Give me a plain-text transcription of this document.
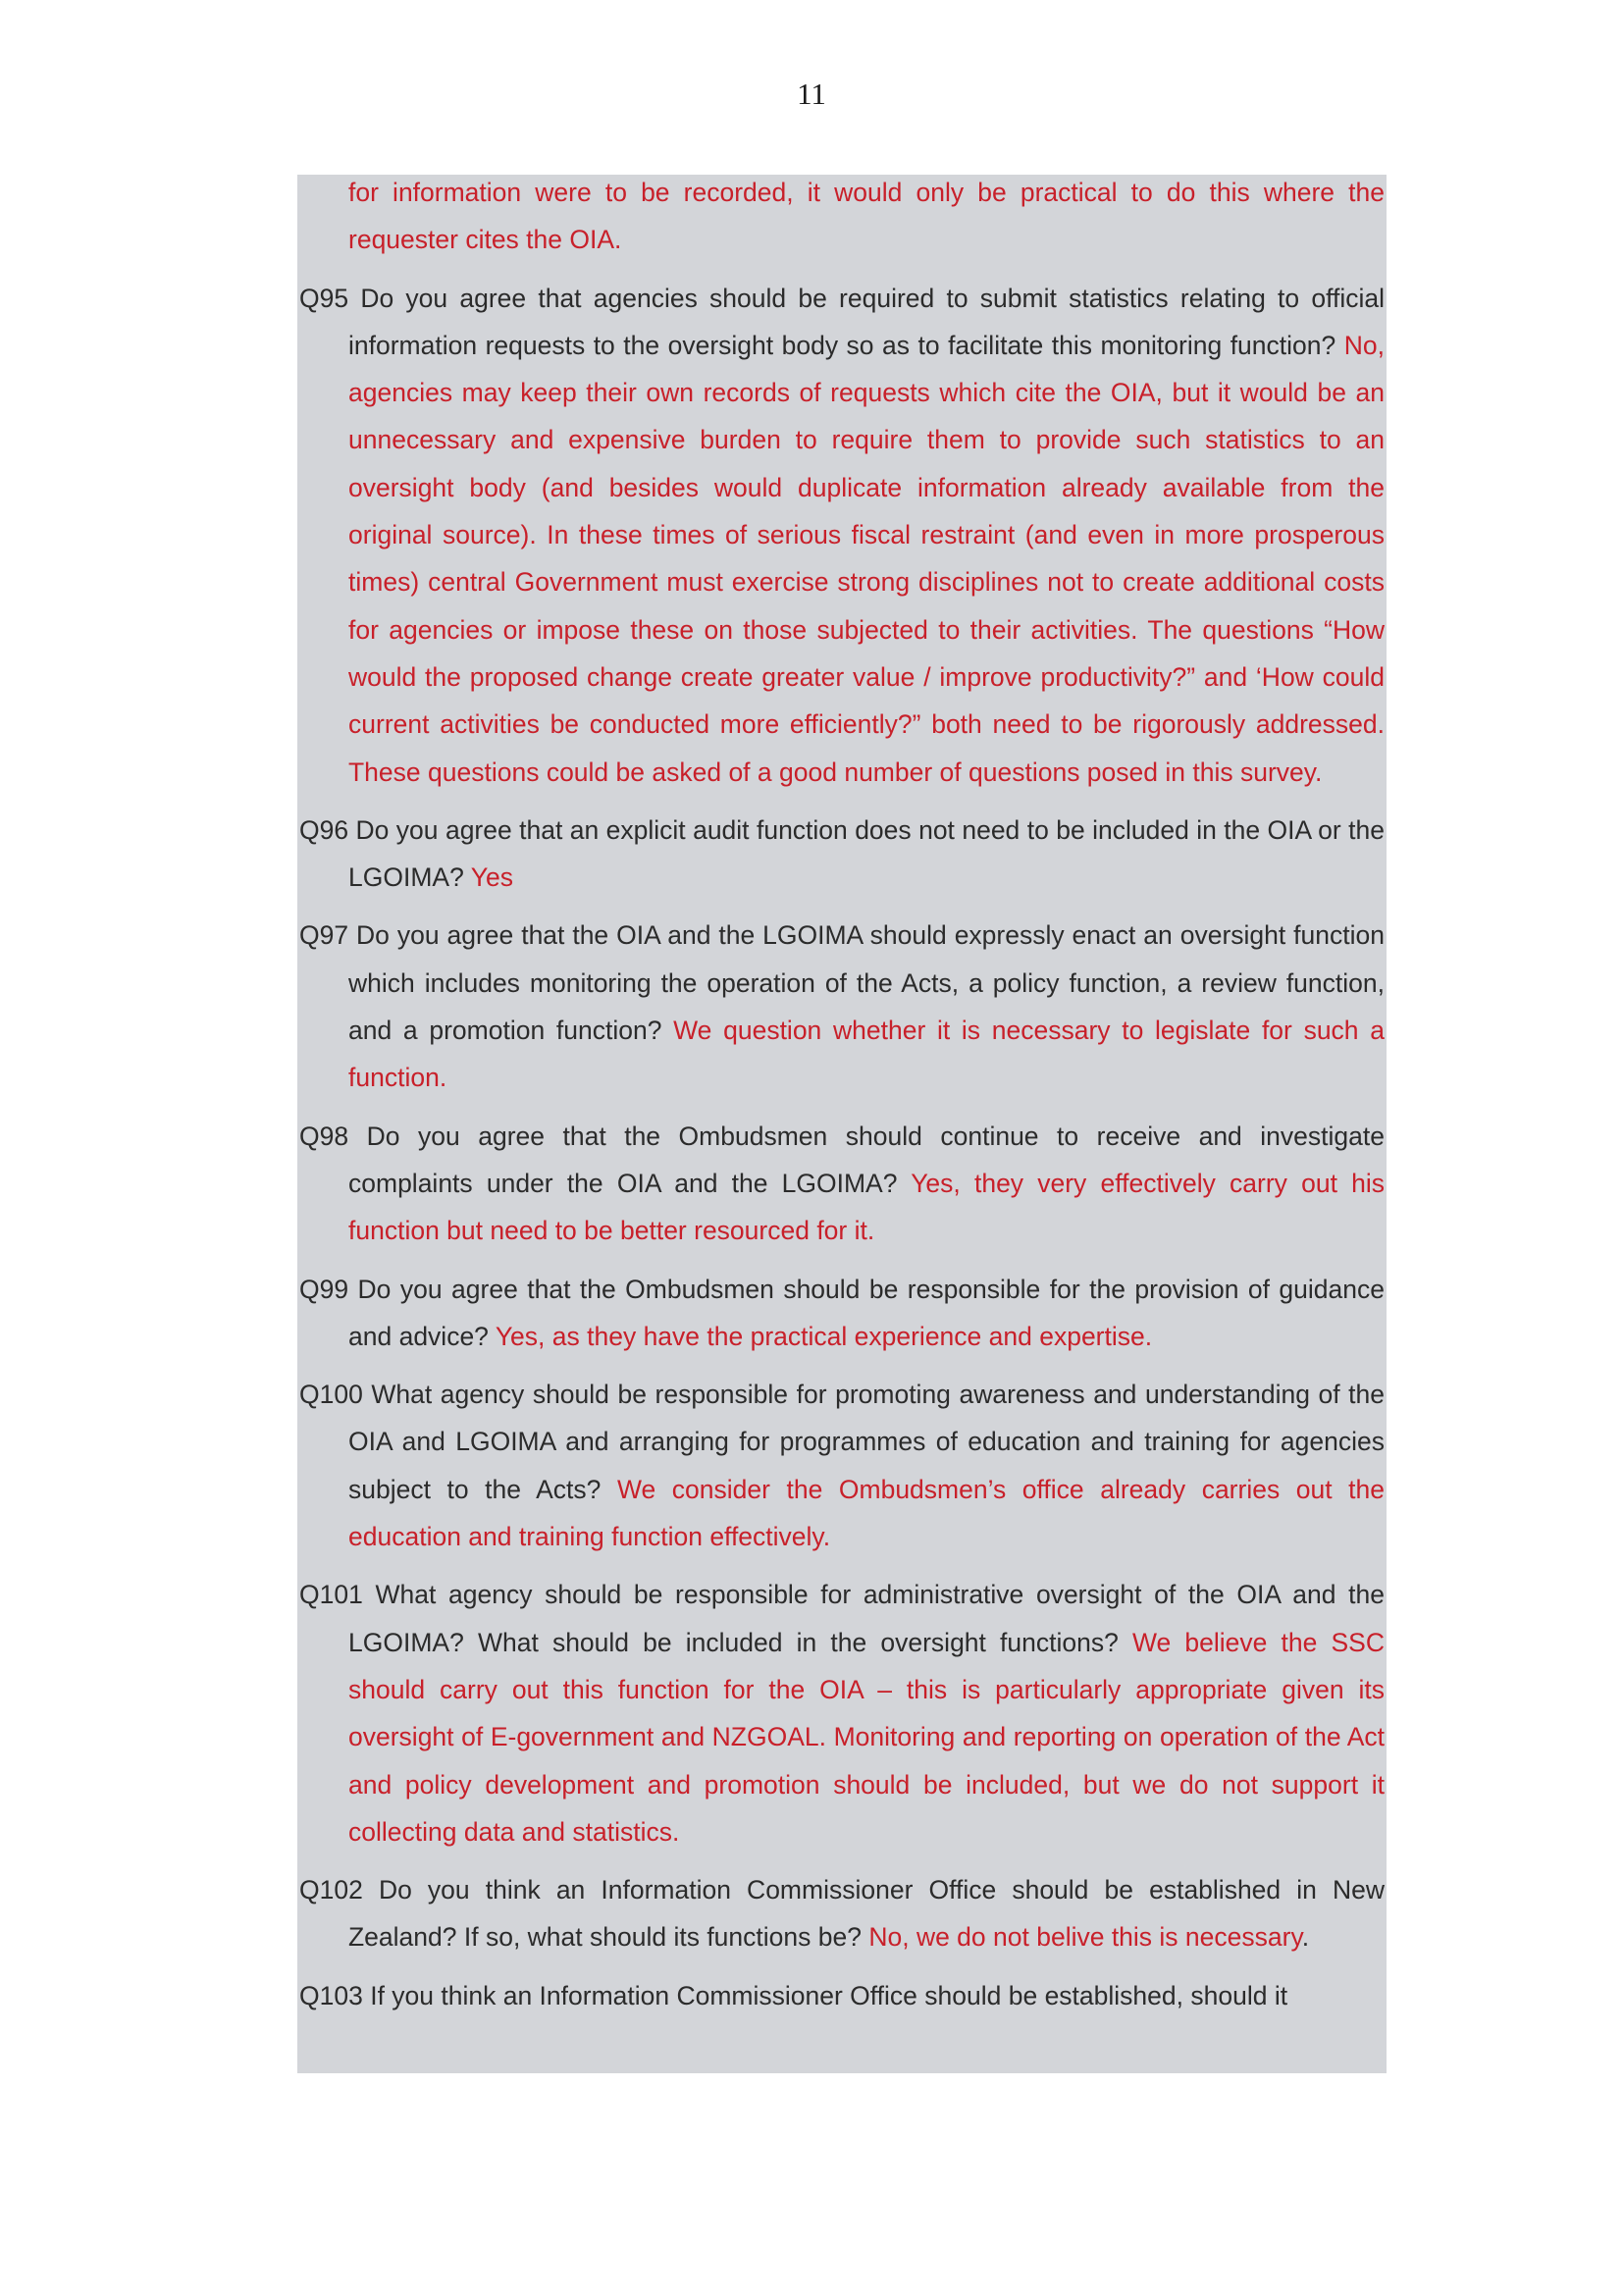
11

for information were to be recorded, it would only be practical to do this where the requester cites the OIA.

Q95 Do you agree that agencies should be required to submit statistics relating to official information requests to the oversight body so as to facilitate this monitoring function? No, agencies may keep their own records of requests which cite the OIA, but it would be an unnecessary and expensive burden to require them to provide such statistics to an oversight body (and besides would duplicate information already available from the original source). In these times of serious fiscal restraint (and even in more prosperous times) central Government must exercise strong disciplines not to create additional costs for agencies or impose these on those subjected to their activities. The questions “How would the proposed change create greater value / improve productivity?” and ‘How could current activities be conducted more efficiently?” both need to be rigorously addressed. These questions could be asked of a good number of questions posed in this survey.

Q96 Do you agree that an explicit audit function does not need to be included in the OIA or the LGOIMA? Yes

Q97 Do you agree that the OIA and the LGOIMA should expressly enact an oversight function which includes monitoring the operation of the Acts, a policy function, a review function, and a promotion function? We question whether it is necessary to legislate for such a function.

Q98 Do you agree that the Ombudsmen should continue to receive and investigate complaints under the OIA and the LGOIMA? Yes, they very effectively carry out his function but need to be better resourced for it.

Q99 Do you agree that the Ombudsmen should be responsible for the provision of guidance and advice? Yes, as they have the practical experience and expertise.

Q100 What agency should be responsible for promoting awareness and understanding of the OIA and LGOIMA and arranging for programmes of education and training for agencies subject to the Acts? We consider the Ombudsmen’s office already carries out the education and training function effectively.

Q101 What agency should be responsible for administrative oversight of the OIA and the LGOIMA? What should be included in the oversight functions? We believe the SSC should carry out this function for the OIA – this is particularly appropriate given its oversight of E-government and NZGOAL. Monitoring and reporting on operation of the Act and policy development and promotion should be included, but we do not support it collecting data and statistics.

Q102 Do you think an Information Commissioner Office should be established in New Zealand? If so, what should its functions be? No, we do not belive this is necessary.

Q103 If you think an Information Commissioner Office should be established, should it
